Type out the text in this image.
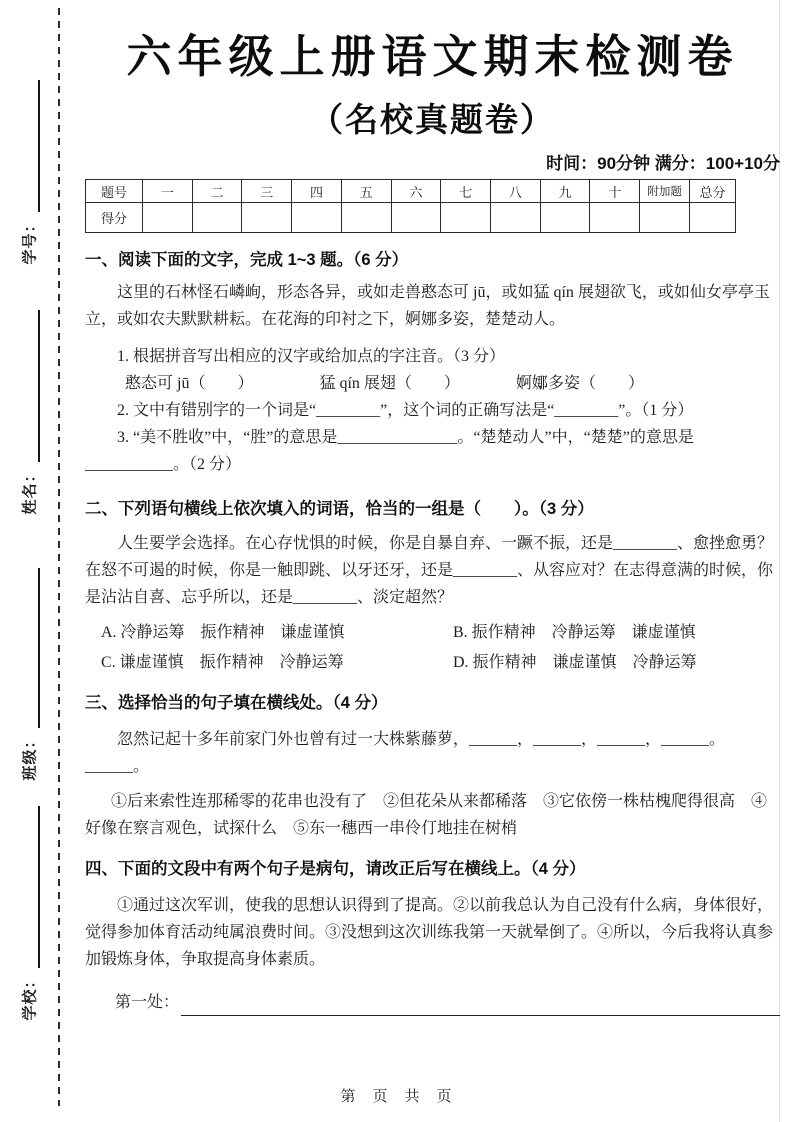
学号：
姓名：
班级：
学校：
六年级上册语文期末检测卷
（名校真题卷）
时间：90分钟 满分：100+10分
题号	一	二	三	四	五	六	七	八	九	十	附加题	总分
得分												
一、阅读下面的文字，完成 1~3 题。（6 分）
这里的石林怪石嶙峋，形态各异，或如走兽憨态可 jū，或如猛 qín 展翅欲飞，或如仙女亭亭玉立，或如农夫默默耕耘。在花海的印衬之下，婀娜 •多姿，楚楚动人。
1. 根据拼音写出相应的汉字或给加点的字注音。（3 分）
憨态可 jū（　　）	猛 qín 展翅（　　）	婀娜 •多姿（　　）
2. 文中有错别字的一个词是“________”，这个词的正确写法是“________”。（1 分）
3. “美不胜收”中，“胜”的意思是_______________。“楚楚动人”中，“楚楚”的意思是___________。（2 分）
二、下列语句横线上依次填入的词语，恰当的一组是（　　）。（3 分）
人生要学会选择。在心存忧惧的时候，你是自暴自弃、一蹶不振，还是________、愈挫愈勇？在怒不可遏的时候，你是一触即跳、以牙还牙，还是________、从容应对？在志得意满的时候，你是沾沾自喜、忘乎所以，还是________、淡定超然？
A. 冷静运筹　振作精神　谦虚谨慎	B. 振作精神　冷静运筹　谦虚谨慎
C. 谦虚谨慎　振作精神　冷静运筹	D. 振作精神　谦虚谨慎　冷静运筹
三、选择恰当的句子填在横线处。（4 分）
忽然记起十多年前家门外也曾有过一大株紫藤萝，______，______，______，______。______。
①后来索性连那稀零的花串也没有了　②但花朵从来都稀落　③它依傍一株枯槐爬得很高　④好像在察言观色，试探什么　⑤东一穗西一串伶仃地挂在树梢
四、下面的文段中有两个句子是病句，请改正后写在横线上。（4 分）
①通过这次军训，使我的思想认识得到了提高。②以前我总认为自己没有什么病，身体很好，觉得参加体育活动纯属浪费时间。③没想到这次训练我第一天就晕倒了。④所以，今后我将认真参加锻炼身体，争取提高身体素质。
第一处：
第　页　共　页
